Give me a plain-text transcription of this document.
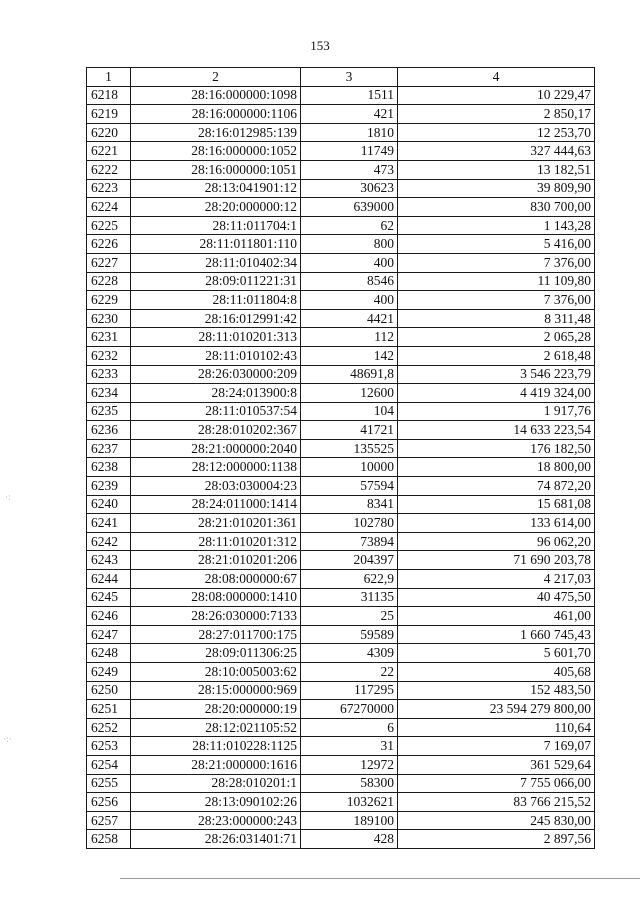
153
1	2	3	4
6218	28:16:000000:1098	1511	10 229,47
6219	28:16:000000:1106	421	2 850,17
6220	28:16:012985:139	1810	12 253,70
6221	28:16:000000:1052	11749	327 444,63
6222	28:16:000000:1051	473	13 182,51
6223	28:13:041901:12	30623	39 809,90
6224	28:20:000000:12	639000	830 700,00
6225	28:11:011704:1	62	1 143,28
6226	28:11:011801:110	800	5 416,00
6227	28:11:010402:34	400	7 376,00
6228	28:09:011221:31	8546	11 109,80
6229	28:11:011804:8	400	7 376,00
6230	28:16:012991:42	4421	8 311,48
6231	28:11:010201:313	112	2 065,28
6232	28:11:010102:43	142	2 618,48
6233	28:26:030000:209	48691,8	3 546 223,79
6234	28:24:013900:8	12600	4 419 324,00
6235	28:11:010537:54	104	1 917,76
6236	28:28:010202:367	41721	14 633 223,54
6237	28:21:000000:2040	135525	176 182,50
6238	28:12:000000:1138	10000	18 800,00
6239	28:03:030004:23	57594	74 872,20
6240	28:24:011000:1414	8341	15 681,08
6241	28:21:010201:361	102780	133 614,00
6242	28:11:010201:312	73894	96 062,20
6243	28:21:010201:206	204397	71 690 203,78
6244	28:08:000000:67	622,9	4 217,03
6245	28:08:000000:1410	31135	40 475,50
6246	28:26:030000:7133	25	461,00
6247	28:27:011700:175	59589	1 660 745,43
6248	28:09:011306:25	4309	5 601,70
6249	28:10:005003:62	22	405,68
6250	28:15:000000:969	117295	152 483,50
6251	28:20:000000:19	67270000	23 594 279 800,00
6252	28:12:021105:52	6	110,64
6253	28:11:010228:1125	31	7 169,07
6254	28:21:000000:1616	12972	361 529,64
6255	28:28:010201:1	58300	7 755 066,00
6256	28:13:090102:26	1032621	83 766 215,52
6257	28:23:000000:243	189100	245 830,00
6258	28:26:031401:71	428	2 897,56
·:
·:·
